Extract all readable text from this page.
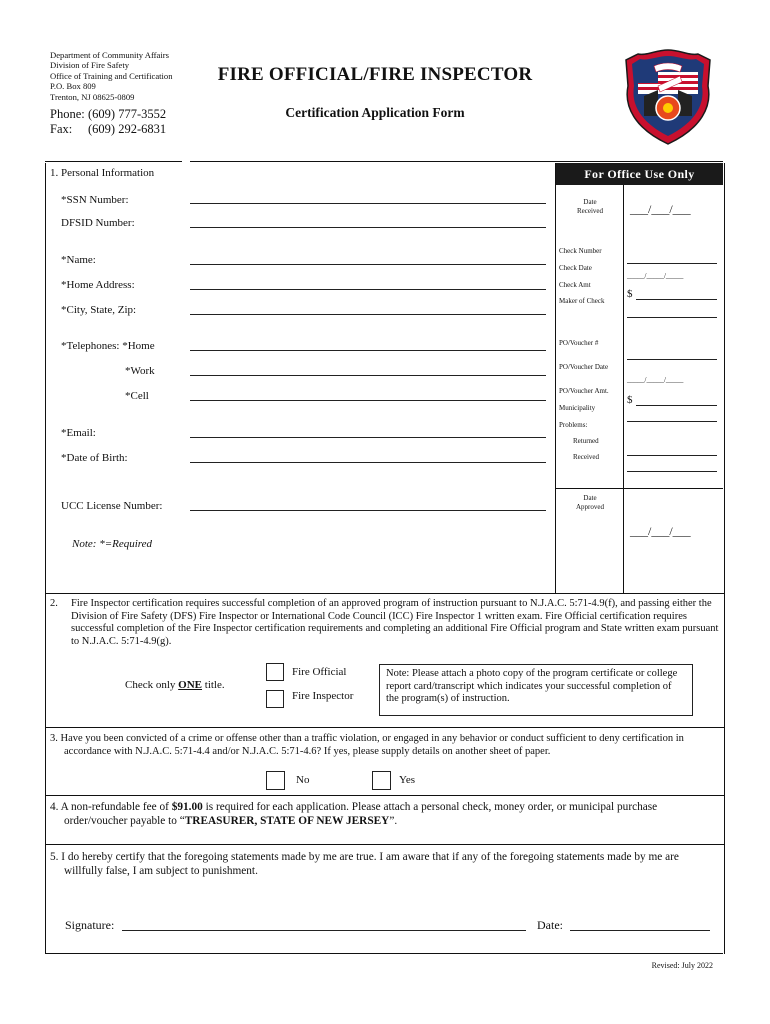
Department of Community Affairs
Division of Fire Safety
Office of Training and Certification
P.O. Box 809
Trenton, NJ 08625-0809
Phone: (609) 777-3552
Fax: (609) 292-6831
FIRE OFFICIAL/FIRE INSPECTOR
Certification Application Form
1. Personal Information
*SSN Number:
DFSID Number:
*Name:
*Home Address:
*City, State, Zip:
*Telephones: *Home
*Work
*Cell
*Email:
*Date of Birth:
UCC License Number:
Note: *=Required
For Office Use Only
Date
Received	___/___/___
Check Number
Check Date
_____/_____/_____
Check Amt
$
Maker of Check
PO/Voucher #
PO/Voucher Date
_____/_____/_____
PO/Voucher Amt.
$
Municipality
Problems:
Returned
Received
Date
Approved
___/___/___
2. Fire Inspector certification requires successful completion of an approved program of instruction pursuant to N.J.A.C. 5:71-4.9(f), and passing either the Division of Fire Safety (DFS) Fire Inspector or International Code Council (ICC) Fire Inspector 1 written exam. Fire Official certification requires successful completion of the Fire Inspector certification requirements and completing an additional Fire Official program and State written exam pursuant to N.J.A.C. 5:71-4.9(g).
Check only ONE title.
Fire Official
Fire Inspector
Note: Please attach a photo copy of the program certificate or college report card/transcript which indicates your successful completion of the program(s) of instruction.
3. Have you been convicted of a crime or offense other than a traffic violation, or engaged in any behavior or conduct sufficient to deny certification in accordance with N.J.A.C. 5:71-4.4 and/or N.J.A.C. 5:71-4.6? If yes, please supply details on another sheet of paper.
No	Yes
4. A non-refundable fee of $91.00 is required for each application. Please attach a personal check, money order, or municipal purchase order/voucher payable to “TREASURER, STATE OF NEW JERSEY”.
5. I do hereby certify that the foregoing statements made by me are true. I am aware that if any of the foregoing statements made by me are willfully false, I am subject to punishment.
Signature:	Date:
Revised: July 2022
